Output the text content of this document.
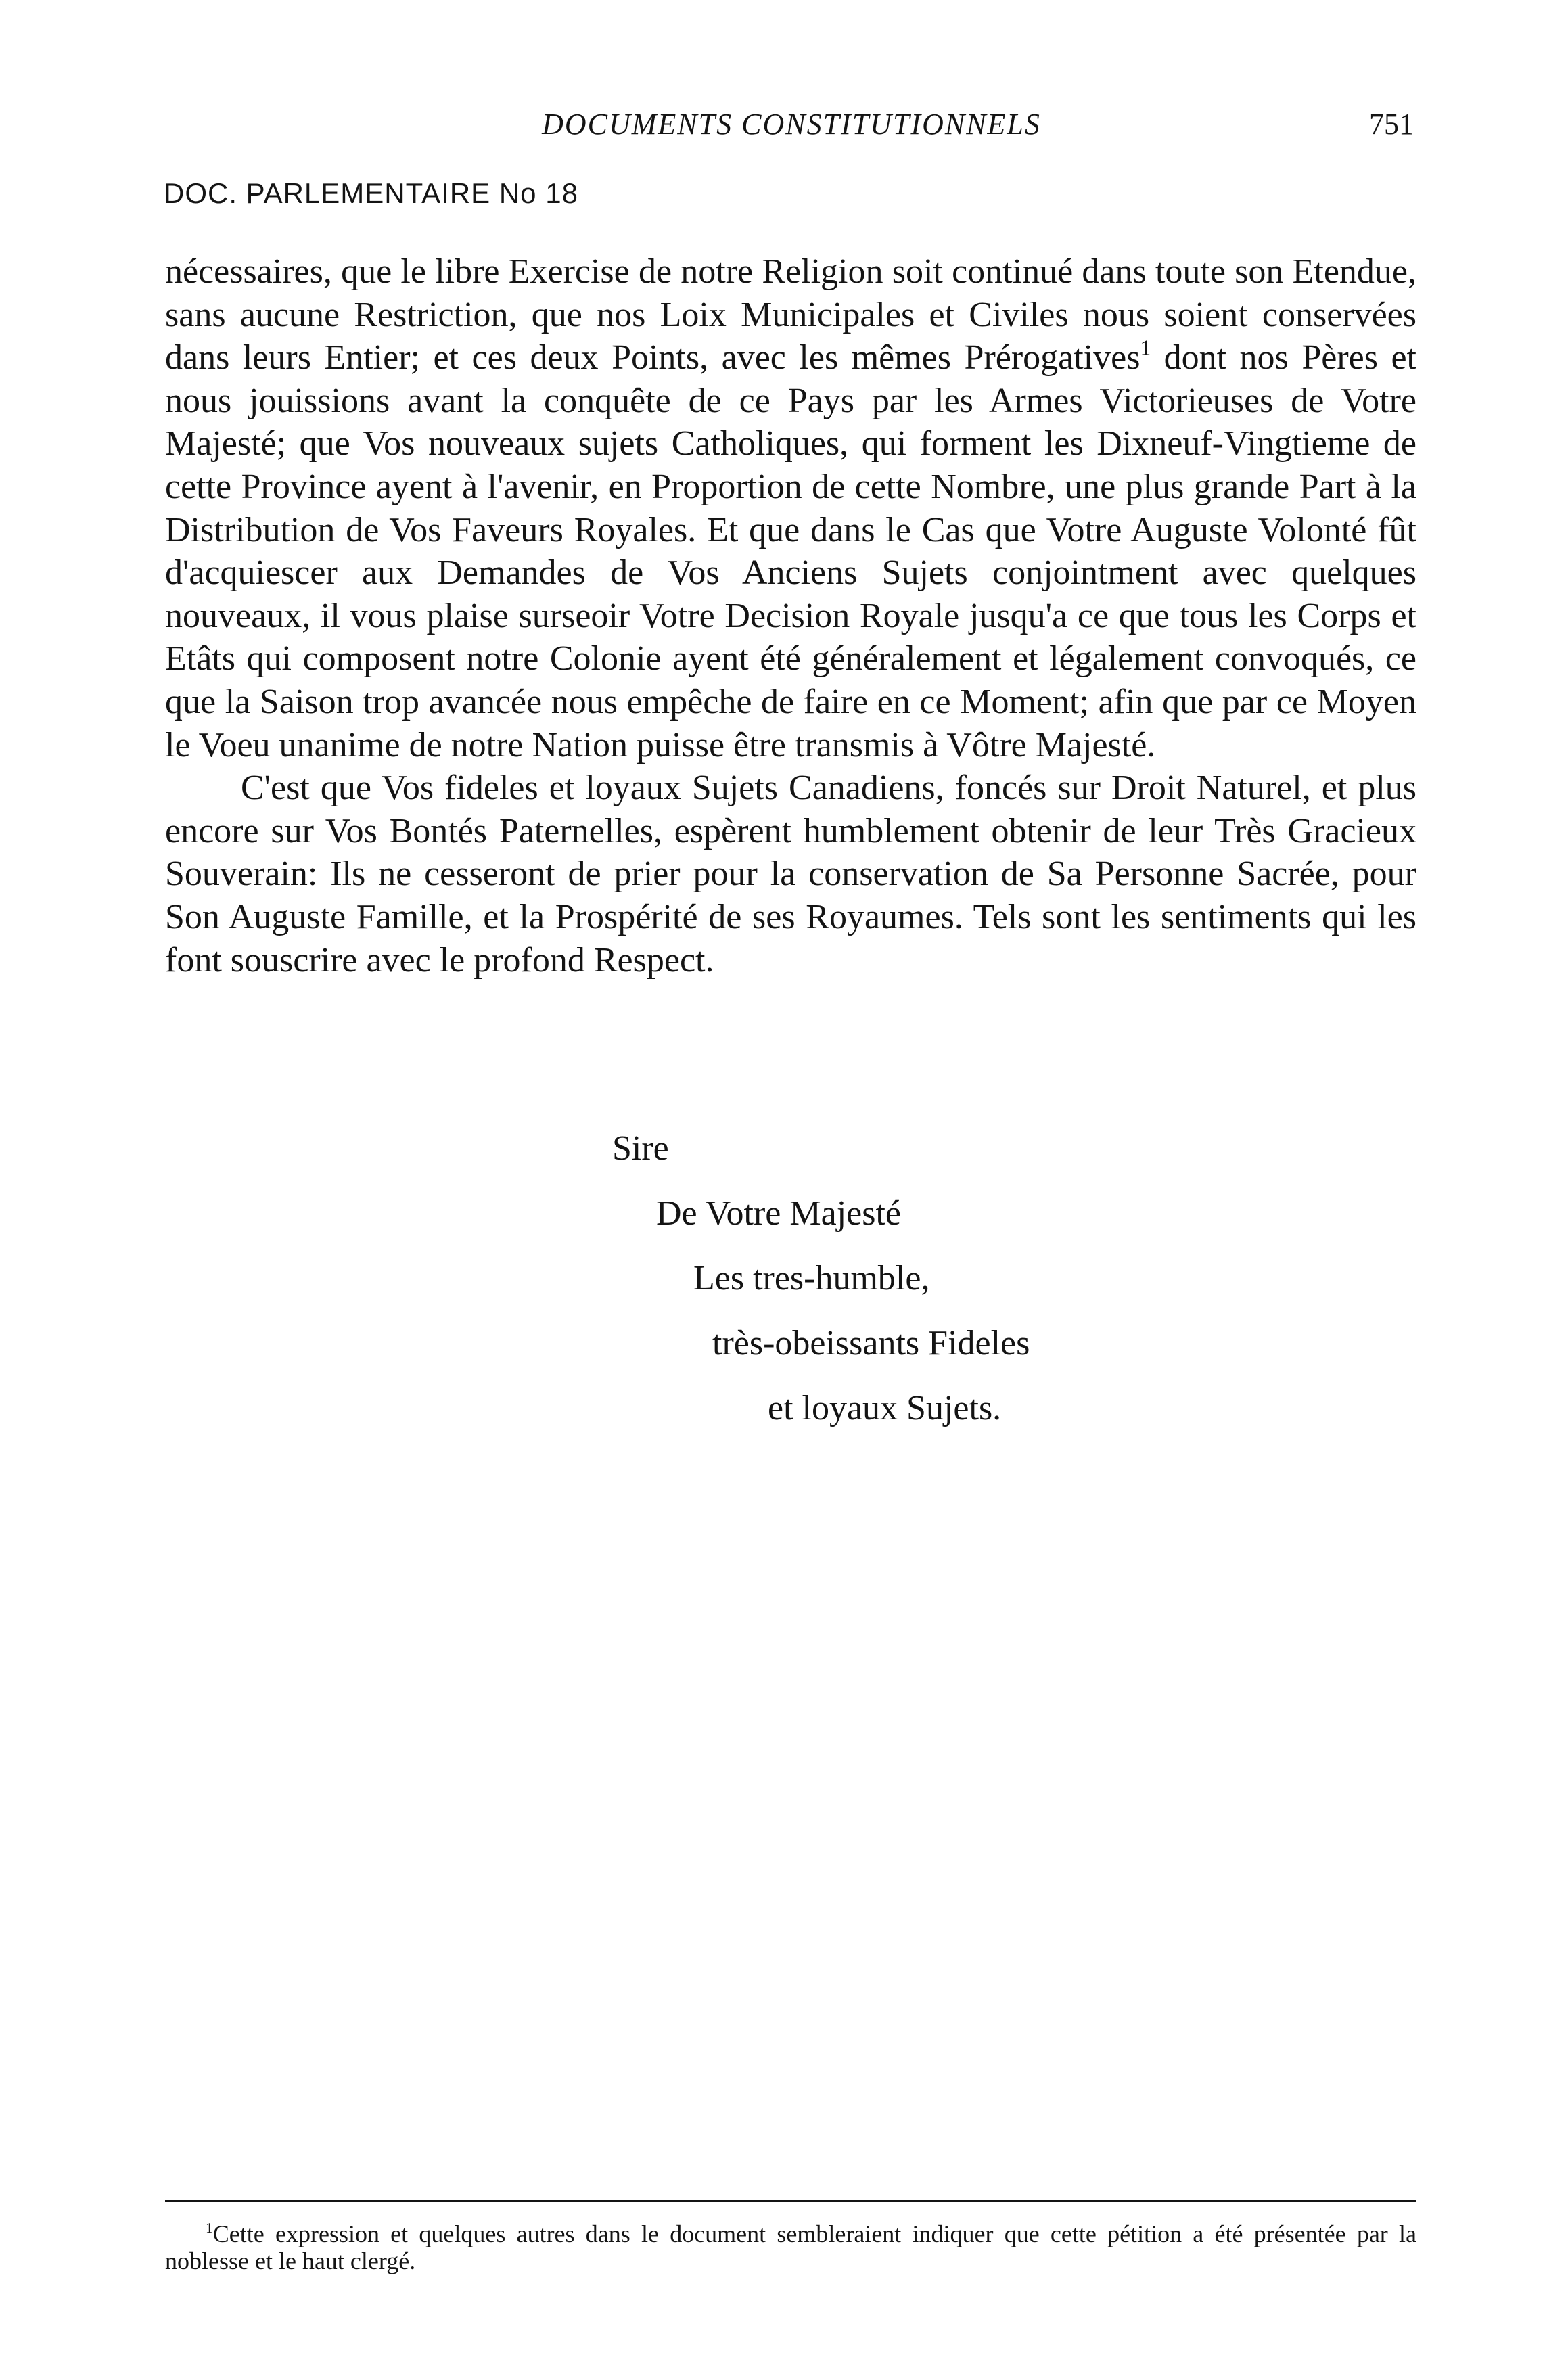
DOCUMENTS CONSTITUTIONNELS	751
DOC. PARLEMENTAIRE No 18

nécessaires, que le libre Exercise de notre Religion soit continué dans toute son Etendue, sans aucune Restriction, que nos Loix Municipales et Civiles nous soient conservées dans leurs Entier; et ces deux Points, avec les mêmes Prérogatives$^1$ dont nos Pères et nous jouissions avant la conquête de ce Pays par les Armes Victorieuses de Votre Majesté; que Vos nouveaux sujets Catholiques, qui forment les Dixneuf-Vingtieme de cette Province ayent à l'avenir, en Proportion de cette Nombre, une plus grande Part à la Distribution de Vos Faveurs Royales. Et que dans le Cas que Votre Auguste Volonté fût d'acquiescer aux Demandes de Vos Anciens Sujets conjointment avec quelques nouveaux, il vous plaise surseoir Votre Decision Royale jusqu'a ce que tous les Corps et Etâts qui composent notre Colonie ayent été généralement et légalement convoqués, ce que la Saison trop avancée nous empêche de faire en ce Moment; afin que par ce Moyen le Voeu unanime de notre Nation puisse être transmis à Vôtre Majesté.

C'est que Vos fideles et loyaux Sujets Canadiens, foncés sur Droit Naturel, et plus encore sur Vos Bontés Paternelles, espèrent humblement obtenir de leur Très Gracieux Souverain: Ils ne cesseront de prier pour la conservation de Sa Personne Sacrée, pour Son Auguste Famille, et la Prospérité de ses Royaumes. Tels sont les sentiments qui les font souscrire avec le profond Respect.

Sire
De Votre Majesté
Les tres-humble,
très-obeissants Fideles
et loyaux Sujets.

$^1$Cette expression et quelques autres dans le document sembleraient indiquer que cette pétition a été présentée par la noblesse et le haut clergé.
